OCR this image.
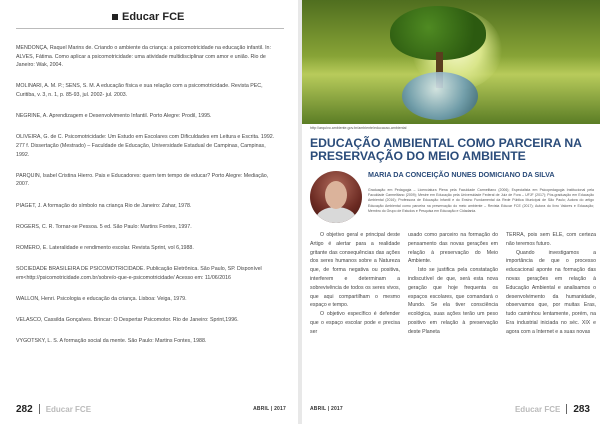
Educar FCE

MENDONÇA, Raquel Marins de. Criando o ambiente da criança: a psicomotricidade na educação infantil. In: ALVES, Fátima. Como aplicar a psicomotricidade: uma atividade multidisciplinar com amor e união. Rio de Janeiro: Wak, 2004.

MOLINARI, A. M. P.; SENS, S. M. A educação física e sua relação com a psicomotricidade. Revista PEC, Curitiba, v. 3, n. 1, p. 85-93, jul. 2002- jul. 2003.

NEGRINE, A. Aprendizagem e Desenvolvimento Infantil. Porto Alegre: Prodil, 1995.

OLIVEIRA, G. de C. Psicomotricidade: Um Estudo em Escolares com Dificuldades em Leitura e Escrita. 1992. 277 f. Dissertação (Mestrado) – Faculdade de Educação, Universidade Estadual de Campinas, Campinas, 1992.

PARQUIN, Isabel Cristina Hierro. Pais e Educadores: quem tem tempo de educar? Porto Alegre: Mediação, 2007.

PIAGET, J. A formação do símbolo na criança Rio de Janeiro: Zahar, 1978.

ROGERS, C. R. Tornar-se Pessoa. 5 ed. São Paulo: Martins Fontes, 1997.

ROMERO, E. Lateralidade e rendimento escolar. Revista Sprint, vol 6,1988.

SOCIEDADE BRASILEIRA DE PSICOMOTRICIDADE. Publicação Eletrônica. São Paulo, SP. Disponível em<http://psicomotricidade.com.br/sobre/o-que-e-psicomotricidade/ Acesso em: 11/06/2016

WALLON, Henri. Psicologia e educação da criança. Lisboa: Veiga, 1979.

VELASCO, Cassilda Gonçalves. Brincar: O Despertar Psicomotor. Rio de Janeiro: Sprint,1996.

VYGOTSKY, L. S. A formação social da mente. São Paulo: Martins Fontes, 1988.

282 Educar FCE	ABRIL | 2017
http://arquivo.ambiente.gov.br/ambiente/educacao-ambiental
EDUCAÇÃO AMBIENTAL COMO PARCEIRA NA PRESERVAÇÃO DO MEIO AMBIENTE
MARIA DA CONCEIÇÃO NUNES DOMICIANO DA SILVA
Graduação em Pedagogia – Licenciatura Plena pela Faculdade Carmelitano (2006); Especialista em Psicopedagogia Institucional pela Faculdade Carmelitano (2009); Mestre em Educação pela Universidade Federal de Juiz de Fora – UFJF (2017); Pós-graduação em Educação Ambiental (2016); Professora de Educação Infantil e do Ensino Fundamental da Rede Pública Municipal de São Paulo; Autora do artigo Educação Ambiental como parceira na preservação do meio ambiente – Revista Educar FCE (2017); Autora do livro Valores e Educação; Membro do Grupo de Estudos e Pesquisa em Educação e Cidadania.

O objetivo geral e principal deste Artigo é alertar para a realidade gritante das consequências das ações dos seres humanos sobre a Natureza que, de forma negativa ou positiva, interferem e determinam a sobrevivência de todos os seres vivos, que aqui compartilham o mesmo espaço e tempo.

O objetivo específico é defender que o espaço escolar pode e precisa ser

usado como parceiro na formação do pensamento das novas gerações em relação à preservação do Meio Ambiente.

Isto se justifica pela constatação indiscutível de que, será esta nova geração que hoje frequenta os espaços escolares, que comandará o Mundo. Se ela tiver consciência ecológica, suas ações terão um peso positivo em relação à preservação deste Planeta

TERRA, pois sem ELE, com certeza não teremos futuro.

Quando investigamos a importância de que o processo educacional aponte na formação das novas gerações em relação à Educação Ambiental e analisamos o desenvolvimento da humanidade, observamos que, por muitas Eras, tudo caminhou lentamente, porém, na Era industrial iniciada no séc. XIX e agora com a Internet e a suas novas

ABRIL | 2017	Educar FCE 283
